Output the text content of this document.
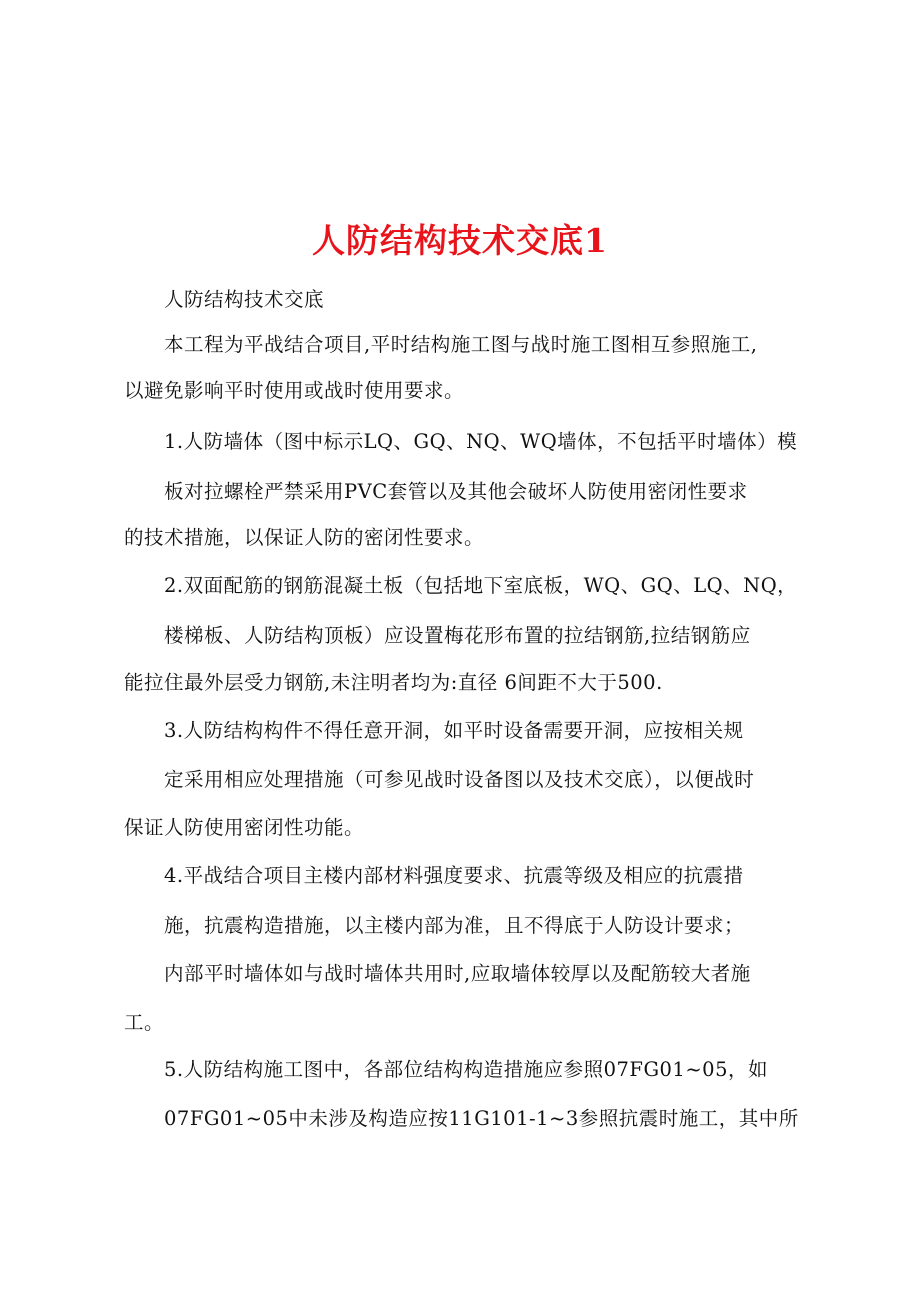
人防结构技术交底1
人防结构技术交底
本工程为平战结合项目,平时结构施工图与战时施工图相互参照施工,
以避免影响平时使用或战时使用要求。
1.人防墙体（图中标示LQ、GQ、NQ、WQ墙体，不包括平时墙体）模
板对拉螺栓严禁采用PVC套管以及其他会破坏人防使用密闭性要求
的技术措施，以保证人防的密闭性要求。
2.双面配筋的钢筋混凝土板（包括地下室底板，WQ、GQ、LQ、NQ，
楼梯板、人防结构顶板）应设置梅花形布置的拉结钢筋,拉结钢筋应
能拉住最外层受力钢筋,未注明者均为:直径 6间距不大于500.
3.人防结构构件不得任意开洞，如平时设备需要开洞，应按相关规
定采用相应处理措施（可参见战时设备图以及技术交底），以便战时
保证人防使用密闭性功能。
4.平战结合项目主楼内部材料强度要求、抗震等级及相应的抗震措
施，抗震构造措施，以主楼内部为准，且不得底于人防设计要求；
内部平时墙体如与战时墙体共用时,应取墙体较厚以及配筋较大者施
工。
5.人防结构施工图中，各部位结构构造措施应参照07FG01~05，如
07FG01~05中未涉及构造应按11G101-1~3参照抗震时施工，其中所
